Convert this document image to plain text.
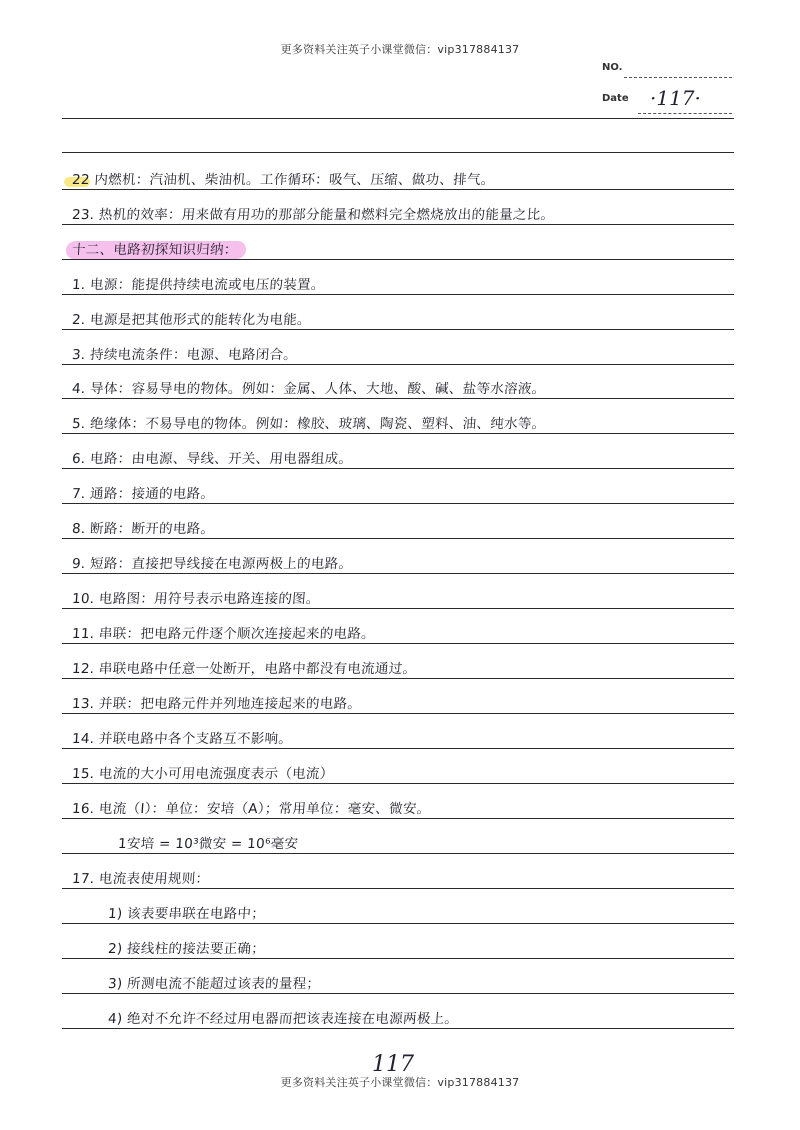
更多资料关注英子小课堂微信：vip317884137
NO.
Date ·117·
22 内燃机：汽油机、柴油机。工作循环：吸气、压缩、做功、排气。
23. 热机的效率：用来做有用功的那部分能量和燃料完全燃烧放出的能量之比。
十二、电路初探知识归纳：
1. 电源：能提供持续电流或电压的装置。
2. 电源是把其他形式的能转化为电能。
3. 持续电流条件：电源、电路闭合。
4. 导体：容易导电的物体。例如：金属、人体、大地、酸、碱、盐等水溶液。
5. 绝缘体：不易导电的物体。例如：橡胶、玻璃、陶瓷、塑料、油、纯水等。
6. 电路：由电源、导线、开关、用电器组成。
7. 通路：接通的电路。
8. 断路：断开的电路。
9. 短路：直接把导线接在电源两极上的电路。
10. 电路图：用符号表示电路连接的图。
11. 串联：把电路元件逐个顺次连接起来的电路。
12. 串联电路中任意一处断开，电路中都没有电流通过。
13. 并联：把电路元件并列地连接起来的电路。
14. 并联电路中各个支路互不影响。
15. 电流的大小可用电流强度表示（电流）
16. 电流（I）：单位：安培（A）；常用单位：毫安、微安。
1安培 = 10³微安 = 10⁶毫安
17. 电流表使用规则：
1) 该表要串联在电路中；
2) 接线柱的接法要正确；
3) 所测电流不能超过该表的量程；
4) 绝对不允许不经过用电器而把该表连接在电源两极上。
117
更多资料关注英子小课堂微信：vip317884137
